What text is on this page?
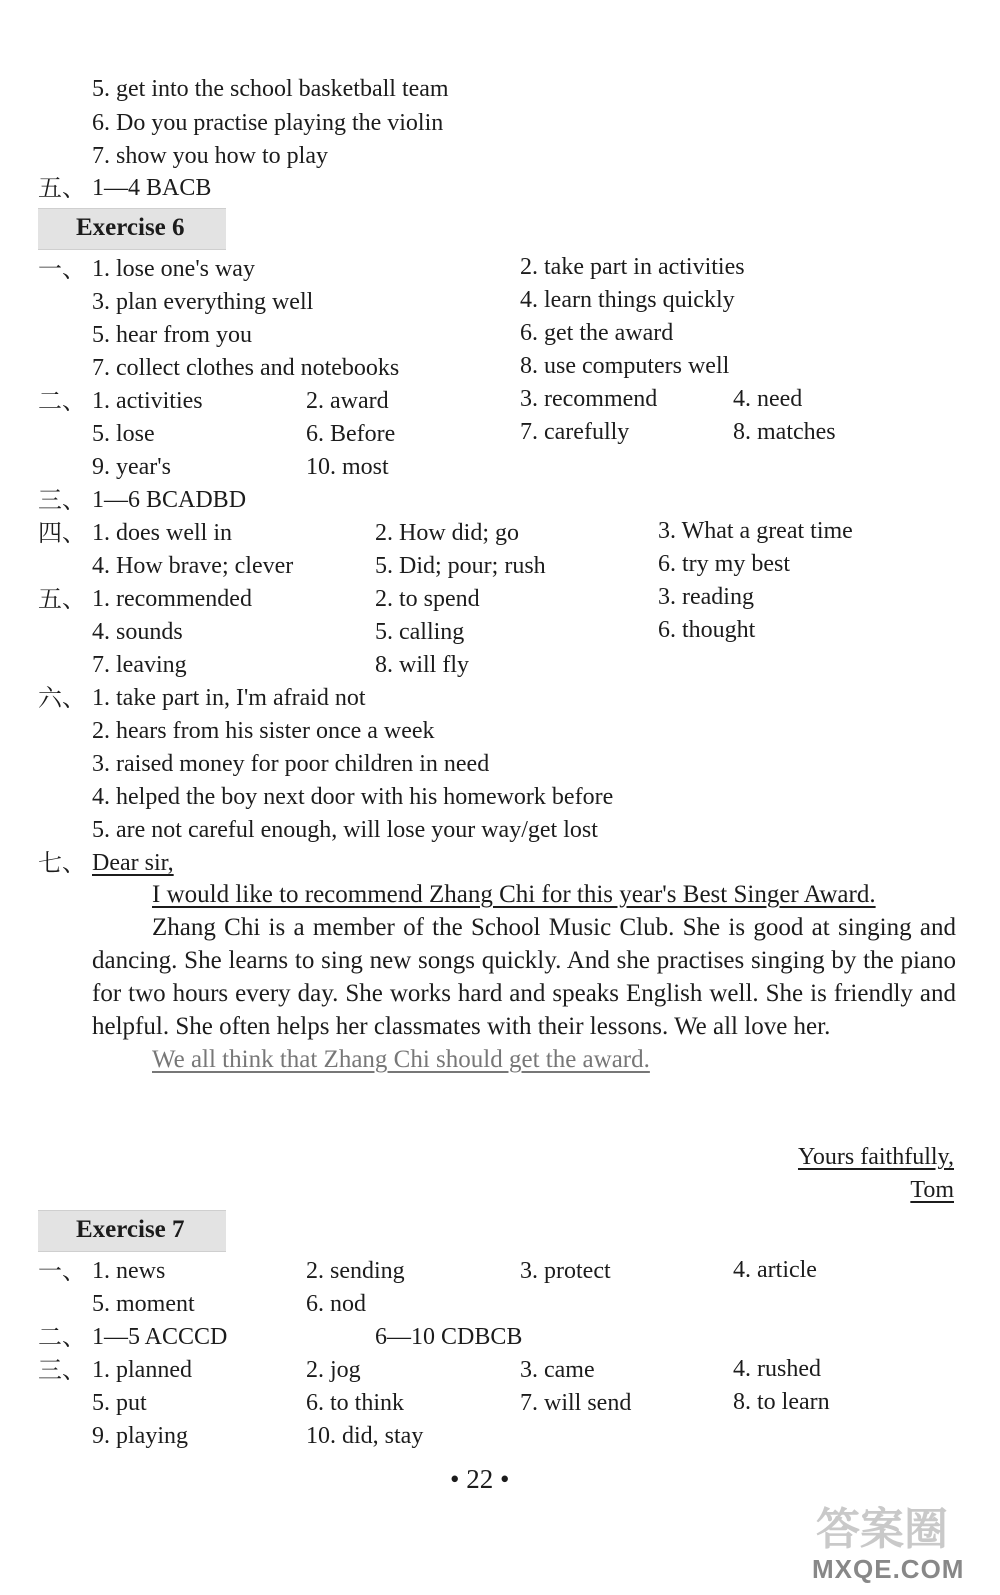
5. get into the school basketball team
6. Do you practise playing the violin
7. show you how to play
五、 1—4 BACB
Exercise 6
一、 1. lose one's way	2. take part in activities
3. plan everything well	4. learn things quickly
5. hear from you	6. get the award
7. collect clothes and notebooks	8. use computers well
二、 1. activities	2. award	3. recommend	4. need
5. lose	6. Before	7. carefully	8. matches
9. year's	10. most
三、 1—6 BCADBD
四、 1. does well in	2. How did; go	3. What a great time
4. How brave; clever	5. Did; pour; rush	6. try my best
五、 1. recommended	2. to spend	3. reading
4. sounds	5. calling	6. thought
7. leaving	8. will fly
六、 1. take part in, I'm afraid not
2. hears from his sister once a week
3. raised money for poor children in need
4. helped the boy next door with his homework before
5. are not careful enough, will lose your way/get lost
七、 Dear sir,

I would like to recommend Zhang Chi for this year's Best Singer Award.

Zhang Chi is a member of the School Music Club. She is good at singing and dancing. She learns to sing new songs quickly. And she practises singing by the piano for two hours every day. She works hard and speaks English well. She is friendly and helpful. She often helps her classmates with their lessons. We all love her.

We all think that Zhang Chi should get the award.

Yours faithfully,
Tom
Exercise 7
一、 1. news	2. sending	3. protect	4. article
5. moment	6. nod
二、 1—5 ACCCD	6—10 CDBCB
三、 1. planned	2. jog	3. came	4. rushed
5. put	6. to think	7. will send	8. to learn
9. playing	10. did, stay
• 22 •
答案圈
MXQE.COM
